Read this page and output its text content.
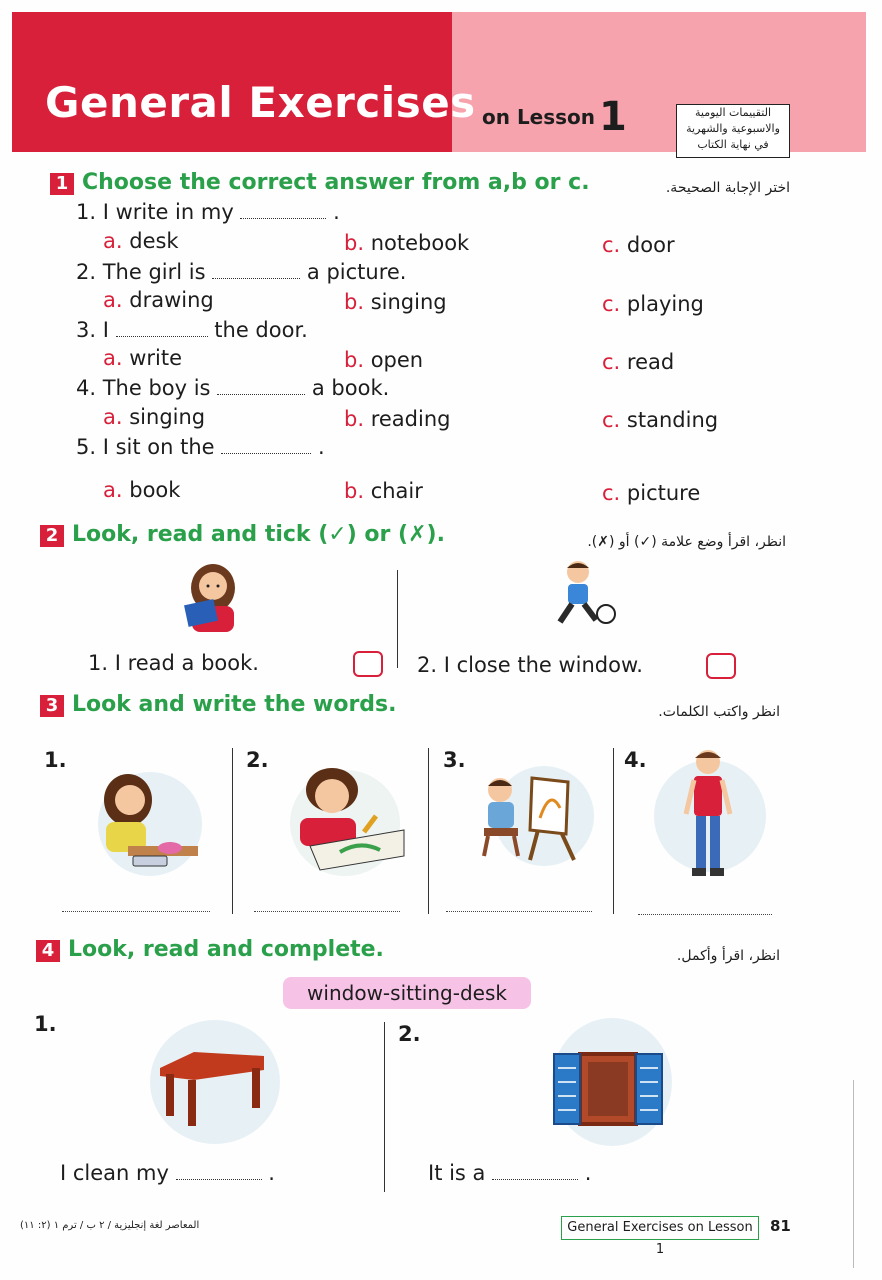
General Exercises on Lesson 1	التقييمات اليومية
والاسبوعية والشهرية
في نهاية الكتاب
1 Choose the correct answer from a,b or c.	اختر الإجابة الصحيحة.
1. I write in my	.
a. desk	b. notebook	c. door
2. The girl is	a picture.
a. drawing	b. singing	c. playing
3. I	the door.
a. write	b. open	c. read
4. The boy is	a book.
a. singing	b. reading	c. standing
5. I sit on the	.
a. book	b. chair	c. picture
2 Look, read and tick (✓) or (✗).	انظر، اقرأ وضع علامة (✓) أو (✗).
1. I read a book.	2. I close the window.
3 Look and write the words.	انظر واكتب الكلمات.
1.	2.	3.	4.
4 Look, read and complete.	انظر، اقرأ وأكمل.
window-sitting-desk
1.	2.
I clean my	.	It is a	.
المعاصر لغة إنجليزية / ٢ ب / ترم ١ (٢: ١١)	General Exercises on Lesson 1
81
